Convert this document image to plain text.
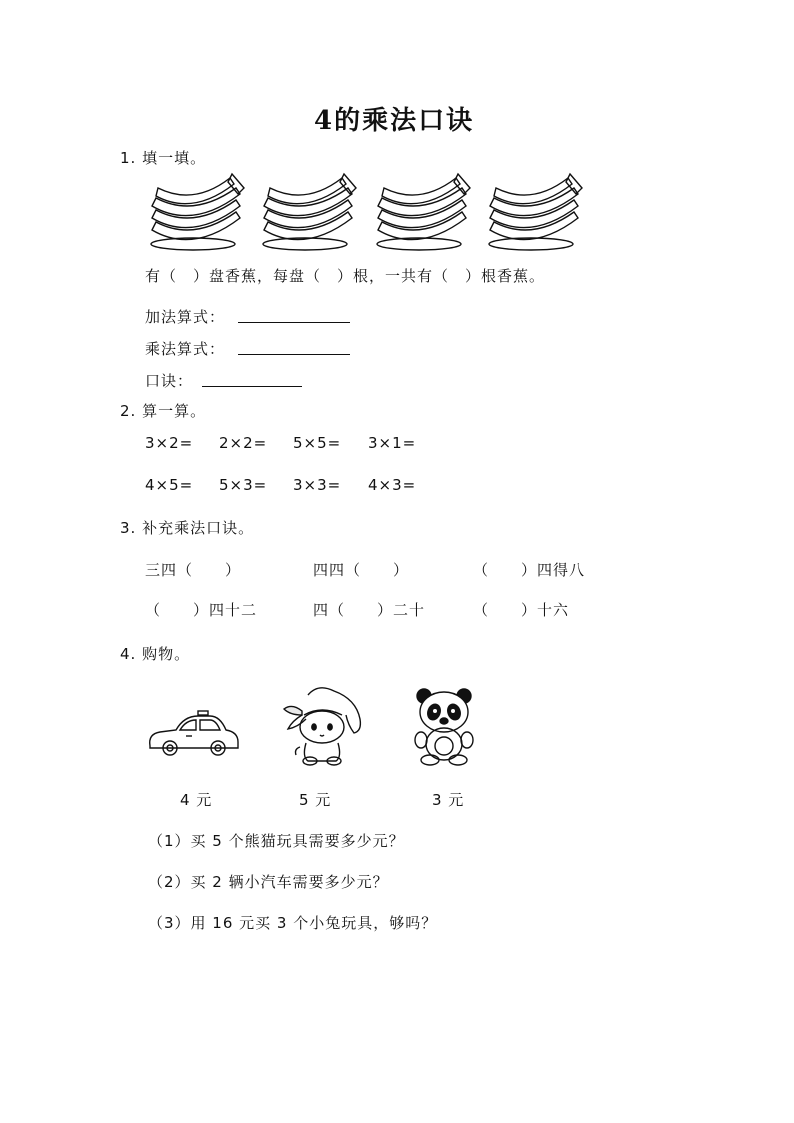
4的乘法口诀
1. 填一填。
有（　）盘香蕉，每盘（　）根，一共有（　）根香蕉。
加法算式：
乘法算式：
口诀：
2. 算一算。
3×2= 2×2= 5×5= 3×1=
4×5= 5×3= 3×3= 4×3=
3. 补充乘法口诀。
三四（　　）	四四（　　）	（　　）四得八
（　　）四十二	四（　　）二十	（　　）十六
4. 购物。
4 元	5 元	3 元
（1）买 5 个熊猫玩具需要多少元？
（2）买 2 辆小汽车需要多少元？
（3）用 16 元买 3 个小兔玩具，够吗？
